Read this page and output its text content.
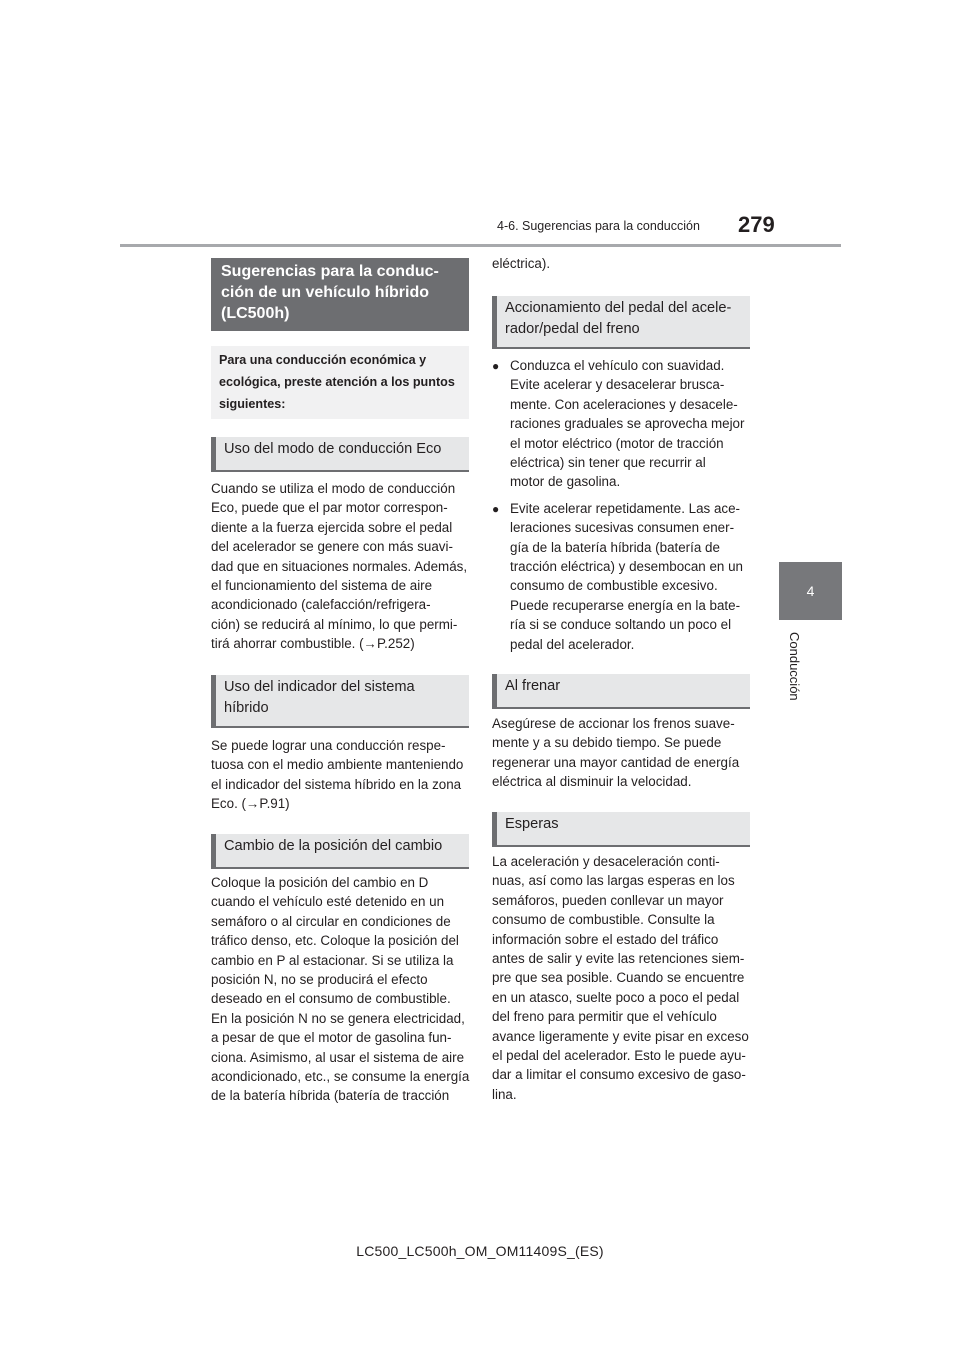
4-6. Sugerencias para la conducción 279
4
Conducción
Sugerencias para la conduc-
ción de un vehículo híbrido
(LC500h)
Para una conducción económica y
ecológica, preste atención a los puntos
siguientes:
Uso del modo de conducción Eco

Cuando se utiliza el modo de conducción

Eco, puede que el par motor correspon-

diente a la fuerza ejercida sobre el pedal

del acelerador se genere con más suavi-

dad que en situaciones normales. Además,

el funcionamiento del sistema de aire

acondicionado (calefacción/refrigera-

ción) se reducirá al mínimo, lo que permi-

tirá ahorrar combustible. (→P.252)

Uso del indicador del sistema
híbrido

Se puede lograr una conducción respe-

tuosa con el medio ambiente manteniendo

el indicador del sistema híbrido en la zona

Eco. (→P.91)

Cambio de la posición del cambio

Coloque la posición del cambio en D

cuando el vehículo esté detenido en un

semáforo o al circular en condiciones de

tráfico denso, etc. Coloque la posición del

cambio en P al estacionar. Si se utiliza la

posición N, no se producirá el efecto

deseado en el consumo de combustible.

En la posición N no se genera electricidad,

a pesar de que el motor de gasolina fun-

ciona. Asimismo, al usar el sistema de aire

acondicionado, etc., se consume la energía

de la batería híbrida (batería de tracción

eléctrica).
Accionamiento del pedal del acele-
rador/pedal del freno
● Conduzca el vehículo con suavidad.

Evite acelerar y desacelerar brusca-

mente. Con aceleraciones y desacele-

raciones graduales se aprovecha mejor

el motor eléctrico (motor de tracción

eléctrica) sin tener que recurrir al

motor de gasolina.

● Evite acelerar repetidamente. Las ace-

leraciones sucesivas consumen ener-

gía de la batería híbrida (batería de

tracción eléctrica) y desembocan en un

consumo de combustible excesivo.

Puede recuperarse energía en la bate-

ría si se conduce soltando un poco el

pedal del acelerador.

Al frenar

Asegúrese de accionar los frenos suave-

mente y a su debido tiempo. Se puede

regenerar una mayor cantidad de energía

eléctrica al disminuir la velocidad.

Esperas

La aceleración y desaceleración conti-

nuas, así como las largas esperas en los

semáforos, pueden conllevar un mayor

consumo de combustible. Consulte la

información sobre el estado del tráfico

antes de salir y evite las retenciones siem-

pre que sea posible. Cuando se encuentre

en un atasco, suelte poco a poco el pedal

del freno para permitir que el vehículo

avance ligeramente y evite pisar en exceso

el pedal del acelerador. Esto le puede ayu-

dar a limitar el consumo excesivo de gaso-

lina.

LC500_LC500h_OM_OM11409S_(ES)
